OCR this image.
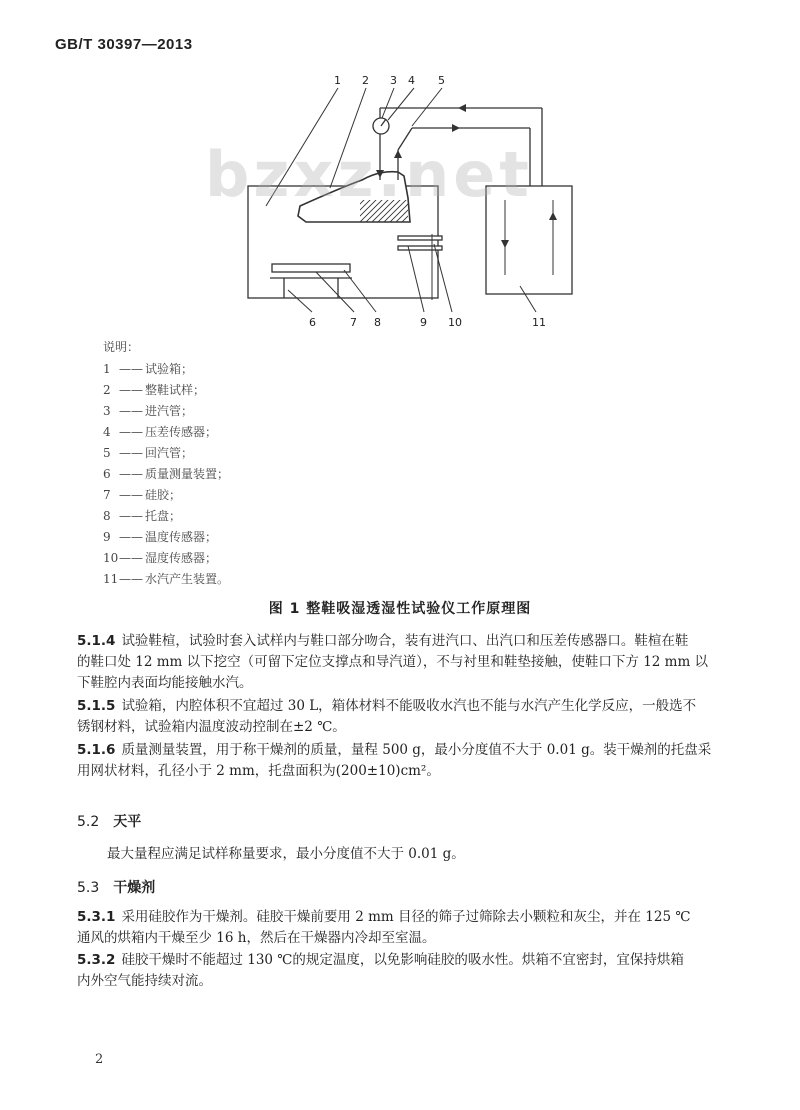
GB/T 30397—2013
1 2 3 4 5
6	7 8	9 10	11
bzxz.net
说明：
1 —— 试验箱；
2 —— 整鞋试样；
3 —— 进汽管；
4 —— 压差传感器；
5 —— 回汽管；
6 —— 质量测量装置；
7 —— 硅胶；
8 —— 托盘；
9 —— 温度传感器；
10—— 湿度传感器；
11—— 水汽产生装置。
图 1 整鞋吸湿透湿性试验仪工作原理图
5.1.4 试验鞋楦，试验时套入试样内与鞋口部分吻合，装有进汽口、出汽口和压差传感器口。鞋楦在鞋
的鞋口处 12 mm 以下挖空（可留下定位支撑点和导汽道），不与衬里和鞋垫接触，使鞋口下方 12 mm 以
下鞋腔内表面均能接触水汽。
5.1.5 试验箱，内腔体积不宜超过 30 L，箱体材料不能吸收水汽也不能与水汽产生化学反应，一般选不
锈钢材料，试验箱内温度波动控制在±2 ℃。
5.1.6 质量测量装置，用于称干燥剂的质量，量程 500 g，最小分度值不大于 0.01 g。装干燥剂的托盘采
用网状材料，孔径小于 2 mm，托盘面积为(200±10)cm²。
5.2 天平
最大量程应满足试样称量要求，最小分度值不大于 0.01 g。
5.3 干燥剂
5.3.1 采用硅胶作为干燥剂。硅胶干燥前要用 2 mm 目径的筛子过筛除去小颗粒和灰尘，并在 125 ℃
通风的烘箱内干燥至少 16 h，然后在干燥器内冷却至室温。
5.3.2 硅胶干燥时不能超过 130 ℃的规定温度，以免影响硅胶的吸水性。烘箱不宜密封，宜保持烘箱
内外空气能持续对流。
2
